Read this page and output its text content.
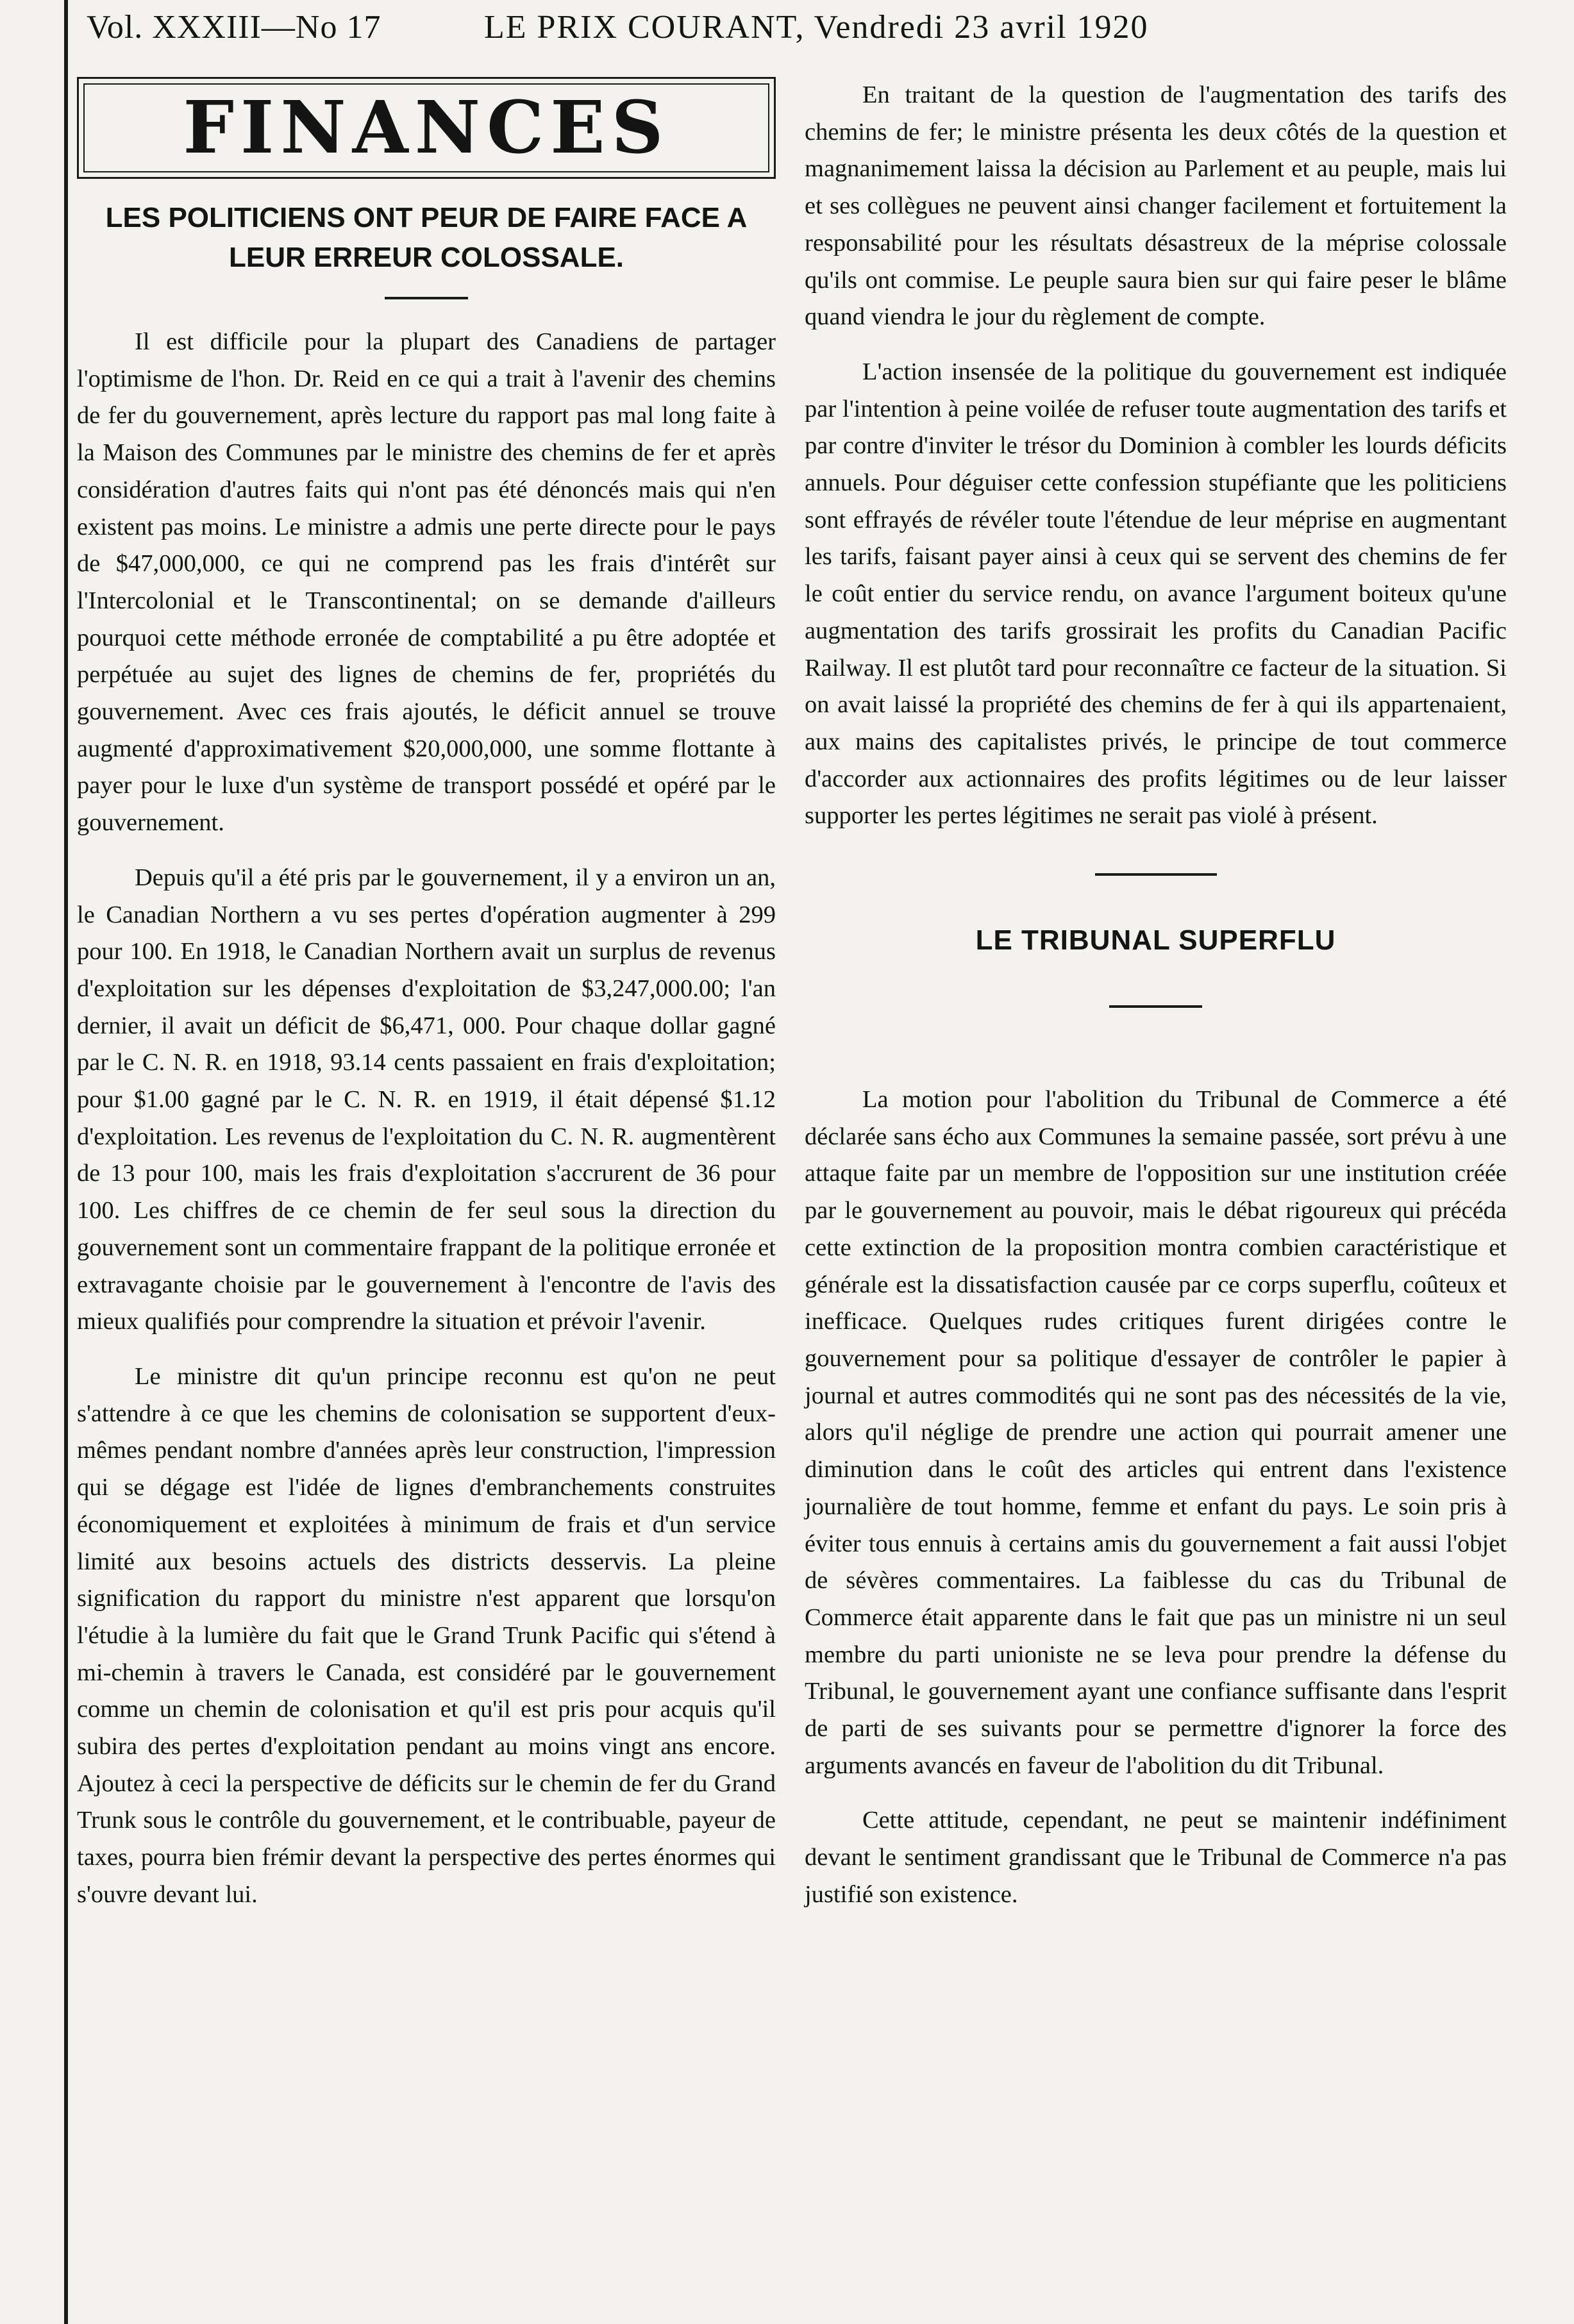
Vol. XXXIII—No 17	LE PRIX COURANT, Vendredi 23 avril 1920
FINANCES
LES POLITICIENS ONT PEUR DE FAIRE FACE A LEUR ERREUR COLOSSALE.

Il est difficile pour la plupart des Canadiens de partager l'optimisme de l'hon. Dr. Reid en ce qui a trait à l'avenir des chemins de fer du gouvernement, après lecture du rapport pas mal long faite à la Maison des Communes par le ministre des chemins de fer et après considération d'autres faits qui n'ont pas été dénoncés mais qui n'en existent pas moins. Le ministre a admis une perte directe pour le pays de $47,000,000, ce qui ne comprend pas les frais d'intérêt sur l'Intercolonial et le Transcontinental; on se demande d'ailleurs pourquoi cette méthode erronée de comptabilité a pu être adoptée et perpétuée au sujet des lignes de chemins de fer, propriétés du gouvernement. Avec ces frais ajoutés, le déficit annuel se trouve augmenté d'approximativement $20,000,000, une somme flottante à payer pour le luxe d'un système de transport possédé et opéré par le gouvernement.

Depuis qu'il a été pris par le gouvernement, il y a environ un an, le Canadian Northern a vu ses pertes d'opération augmenter à 299 pour 100. En 1918, le Canadian Northern avait un surplus de revenus d'exploitation sur les dépenses d'exploitation de $3,247,000.00; l'an dernier, il avait un déficit de $6,471, 000. Pour chaque dollar gagné par le C. N. R. en 1918, 93.14 cents passaient en frais d'exploitation; pour $1.00 gagné par le C. N. R. en 1919, il était dépensé $1.12 d'exploitation. Les revenus de l'exploitation du C. N. R. augmentèrent de 13 pour 100, mais les frais d'exploitation s'accrurent de 36 pour 100. Les chiffres de ce chemin de fer seul sous la direction du gouvernement sont un commentaire frappant de la politique erronée et extravagante choisie par le gouvernement à l'encontre de l'avis des mieux qualifiés pour comprendre la situation et prévoir l'avenir.

Le ministre dit qu'un principe reconnu est qu'on ne peut s'attendre à ce que les chemins de colonisation se supportent d'eux-mêmes pendant nombre d'années après leur construction, l'impression qui se dégage est l'idée de lignes d'embranchements construites économiquement et exploitées à minimum de frais et d'un service limité aux besoins actuels des districts desservis. La pleine signification du rapport du ministre n'est apparent que lorsqu'on l'étudie à la lumière du fait que le Grand Trunk Pacific qui s'étend à mi-chemin à travers le Canada, est considéré par le gouvernement comme un chemin de colonisation et qu'il est pris pour acquis qu'il subira des pertes d'exploitation pendant au moins vingt ans encore. Ajoutez à ceci la perspective de déficits sur le chemin de fer du Grand Trunk sous le contrôle du gouvernement, et le contribuable, payeur de taxes, pourra bien frémir devant la perspective des pertes énormes qui s'ouvre devant lui.

En traitant de la question de l'augmentation des tarifs des chemins de fer; le ministre présenta les deux côtés de la question et magnanimement laissa la décision au Parlement et au peuple, mais lui et ses collègues ne peuvent ainsi changer facilement et fortuitement la responsabilité pour les résultats désastreux de la méprise colossale qu'ils ont commise. Le peuple saura bien sur qui faire peser le blâme quand viendra le jour du règlement de compte.

L'action insensée de la politique du gouvernement est indiquée par l'intention à peine voilée de refuser toute augmentation des tarifs et par contre d'inviter le trésor du Dominion à combler les lourds déficits annuels. Pour déguiser cette confession stupéfiante que les politiciens sont effrayés de révéler toute l'étendue de leur méprise en augmentant les tarifs, faisant payer ainsi à ceux qui se servent des chemins de fer le coût entier du service rendu, on avance l'argument boiteux qu'une augmentation des tarifs grossirait les profits du Canadian Pacific Railway. Il est plutôt tard pour reconnaître ce facteur de la situation. Si on avait laissé la propriété des chemins de fer à qui ils appartenaient, aux mains des capitalistes privés, le principe de tout commerce d'accorder aux actionnaires des profits légitimes ou de leur laisser supporter les pertes légitimes ne serait pas violé à présent.

LE TRIBUNAL SUPERFLU

La motion pour l'abolition du Tribunal de Commerce a été déclarée sans écho aux Communes la semaine passée, sort prévu à une attaque faite par un membre de l'opposition sur une institution créée par le gouvernement au pouvoir, mais le débat rigoureux qui précéda cette extinction de la proposition montra combien caractéristique et générale est la dissatisfaction causée par ce corps superflu, coûteux et inefficace. Quelques rudes critiques furent dirigées contre le gouvernement pour sa politique d'essayer de contrôler le papier à journal et autres commodités qui ne sont pas des nécessités de la vie, alors qu'il néglige de prendre une action qui pourrait amener une diminution dans le coût des articles qui entrent dans l'existence journalière de tout homme, femme et enfant du pays. Le soin pris à éviter tous ennuis à certains amis du gouvernement a fait aussi l'objet de sévères commentaires. La faiblesse du cas du Tribunal de Commerce était apparente dans le fait que pas un ministre ni un seul membre du parti unioniste ne se leva pour prendre la défense du Tribunal, le gouvernement ayant une confiance suffisante dans l'esprit de parti de ses suivants pour se permettre d'ignorer la force des arguments avancés en faveur de l'abolition du dit Tribunal.

Cette attitude, cependant, ne peut se maintenir indéfiniment devant le sentiment grandissant que le Tribunal de Commerce n'a pas justifié son existence.
